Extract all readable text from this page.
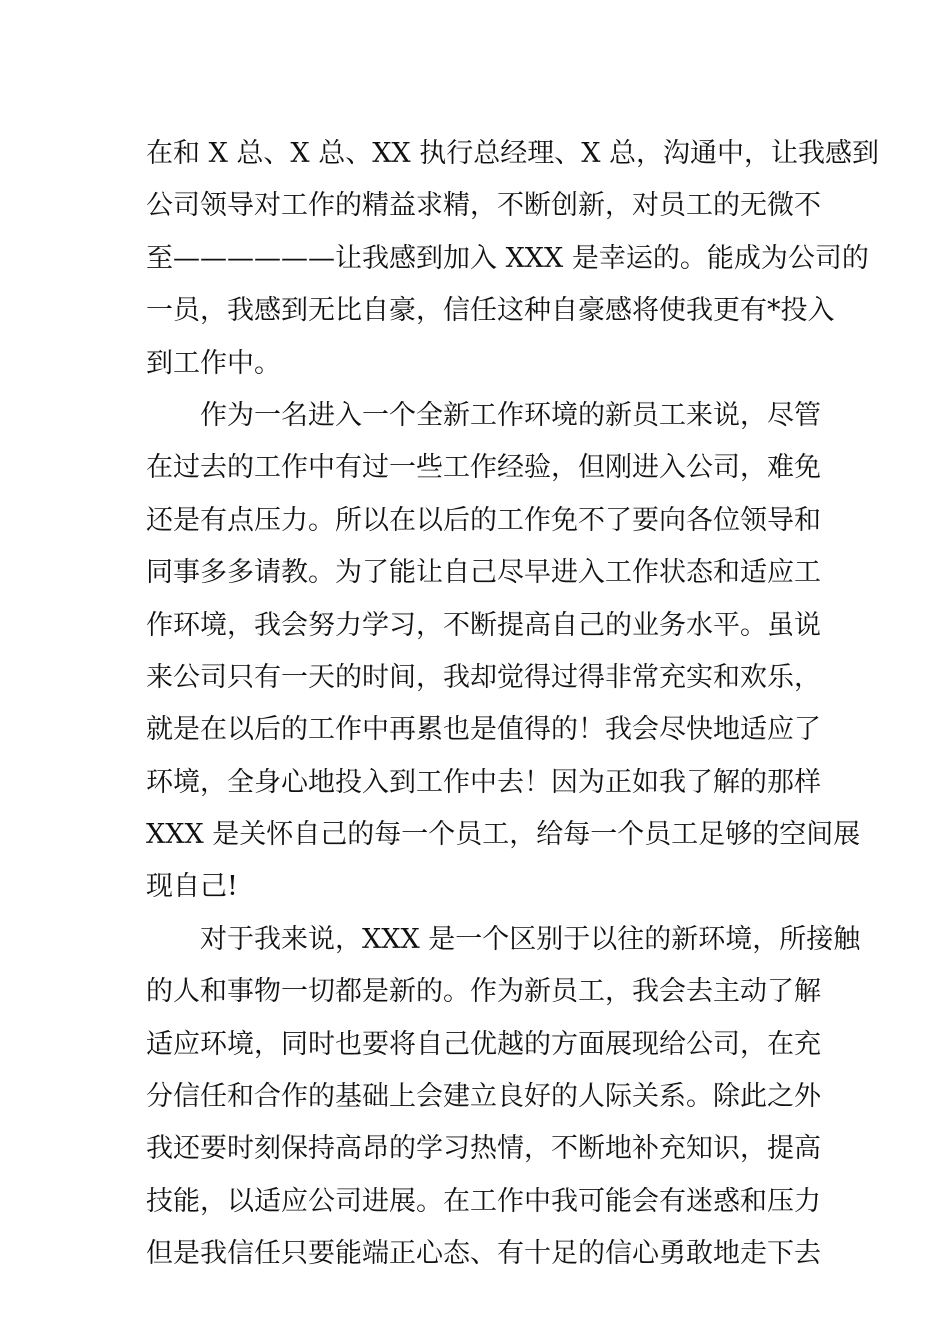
在和 X 总、X 总、XX 执行总经理、X 总，沟通中，让我感到
公司领导对工作的精益求精，不断创新，对员工的无微不
至——————让我感到加入 XXX 是幸运的。能成为公司的
一员，我感到无比自豪，信任这种自豪感将使我更有*投入
到工作中。
作为一名进入一个全新工作环境的新员工来说，尽管
在过去的工作中有过一些工作经验，但刚进入公司，难免
还是有点压力。所以在以后的工作免不了要向各位领导和
同事多多请教。为了能让自己尽早进入工作状态和适应工
作环境，我会努力学习，不断提高自己的业务水平。虽说
来公司只有一天的时间，我却觉得过得非常充实和欢乐，
就是在以后的工作中再累也是值得的！我会尽快地适应了
环境，全身心地投入到工作中去！因为正如我了解的那样
XXX 是关怀自己的每一个员工，给每一个员工足够的空间展
现自己!
对于我来说，XXX 是一个区别于以往的新环境，所接触
的人和事物一切都是新的。作为新员工，我会去主动了解
适应环境，同时也要将自己优越的方面展现给公司，在充
分信任和合作的基础上会建立良好的人际关系。除此之外
我还要时刻保持高昂的学习热情，不断地补充知识，提高
技能，以适应公司进展。在工作中我可能会有迷惑和压力
但是我信任只要能端正心态、有十足的信心勇敢地走下去
